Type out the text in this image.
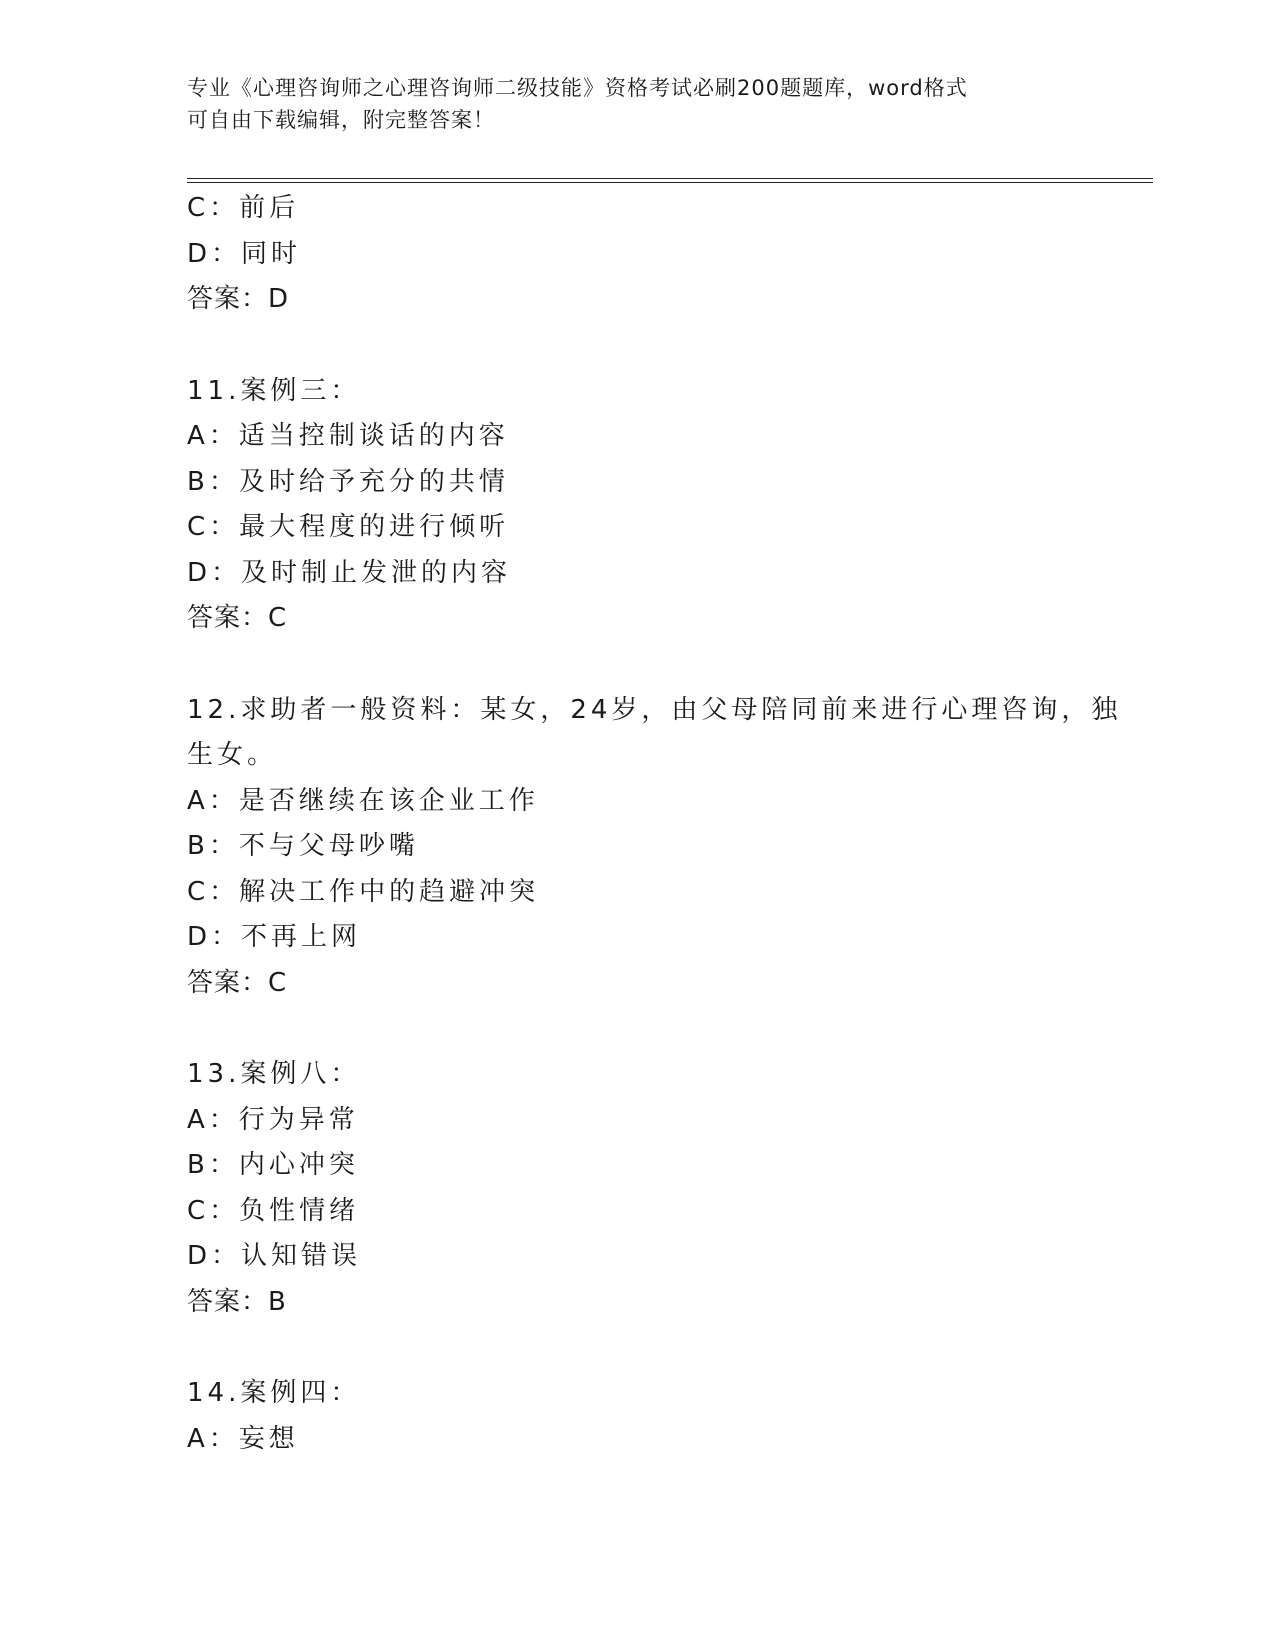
专业《心理咨询师之心理咨询师二级技能》资格考试必刷200题题库，word格式
可自由下载编辑，附完整答案！
C：前后
D：同时
答案：D
11.案例三：
A：适当控制谈话的内容
B：及时给予充分的共情
C：最大程度的进行倾听
D：及时制止发泄的内容
答案：C
12.求助者一般资料：某女，24岁，由父母陪同前来进行心理咨询，独
生女。
A：是否继续在该企业工作
B：不与父母吵嘴
C：解决工作中的趋避冲突
D：不再上网
答案：C
13.案例八：
A：行为异常
B：内心冲突
C：负性情绪
D：认知错误
答案：B
14.案例四：
A：妄想
